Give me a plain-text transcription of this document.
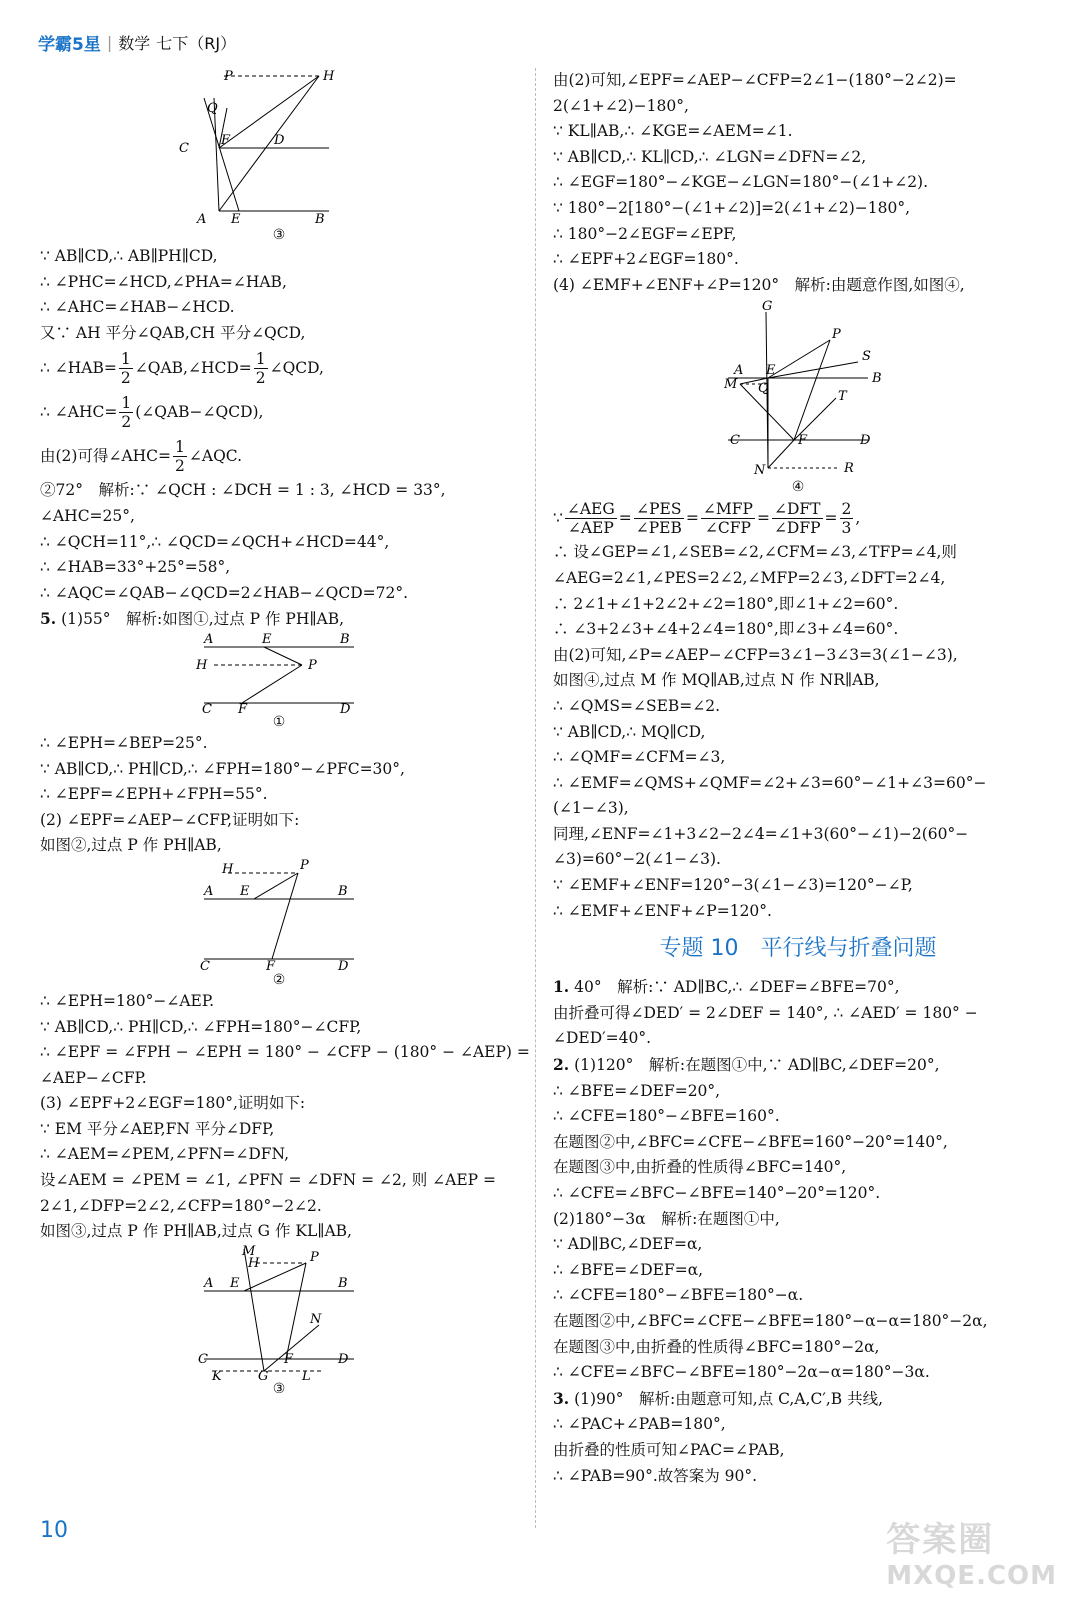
学霸5星 | 数学 七下（RJ）
P	H
Q
C
F	D
A E	B
③
∵ AB∥CD,∴ AB∥PH∥CD,
∴ ∠PHC=∠HCD,∠PHA=∠HAB,
∴ ∠AHC=∠HAB−∠HCD.
又∵ AH 平分∠QAB,CH 平分∠QCD,
∴ ∠HAB= $\frac{1}{2}$ ∠QAB,∠HCD= $\frac{1}{2}$ ∠QCD,
∴ ∠AHC= $\frac{1}{2}$ (∠QAB−∠QCD),
由(2)可得∠AHC= $\frac{1}{2}$ ∠AQC.
②72°　解析:∵ ∠QCH : ∠DCH = 1 : 3, ∠HCD = 33°,
∠AHC=25°,
∴ ∠QCH=11°,∴ ∠QCD=∠QCH+∠HCD=44°,
∴ ∠HAB=33°+25°=58°,
∴ ∠AQC=∠QAB−∠QCD=2∠HAB−∠QCD=72°.
5. (1)55°　解析:如图①,过点 P 作 PH∥AB,
A	E	B
H	P
C F	D
①
∴ ∠EPH=∠BEP=25°.
∵ AB∥CD,∴ PH∥CD,∴ ∠FPH=180°−∠PFC=30°,
∴ ∠EPF=∠EPH+∠FPH=55°.
(2) ∠EPF=∠AEP−∠CFP,证明如下:
如图②,过点 P 作 PH∥AB,
H	P
A E	B
C	F	D
②
∴ ∠EPH=180°−∠AEP.
∵ AB∥CD,∴ PH∥CD,∴ ∠FPH=180°−∠CFP,
∴ ∠EPF = ∠FPH − ∠EPH = 180° − ∠CFP − (180° − ∠AEP) =
∠AEP−∠CFP.
(3) ∠EPF+2∠EGF=180°,证明如下:
∵ EM 平分∠AEP,FN 平分∠DFP,
∴ ∠AEM=∠PEM,∠PFN=∠DFN,
设∠AEM = ∠PEM = ∠1, ∠PFN = ∠DFN = ∠2, 则 ∠AEP =
2∠1,∠DFP=2∠2,∠CFP=180°−2∠2.
如图③,过点 P 作 PH∥AB,过点 G 作 KL∥AB,
M
H	P
A E	B
N
C	F	D
K	G	L
③
由(2)可知,∠EPF=∠AEP−∠CFP=2∠1−(180°−2∠2)=
2(∠1+∠2)−180°,
∵ KL∥AB,∴ ∠KGE=∠AEM=∠1.
∵ AB∥CD,∴ KL∥CD,∴ ∠LGN=∠DFN=∠2,
∴ ∠EGF=180°−∠KGE−∠LGN=180°−(∠1+∠2).
∵ 180°−2[180°−(∠1+∠2)]=2(∠1+∠2)−180°,
∴ 180°−2∠EGF=∠EPF,
∴ ∠EPF+2∠EGF=180°.
(4) ∠EMF+∠ENF+∠P=120°　解析:由题意作图,如图④,
G
P
S
A E
B
M Q
T
C	F	D
N	R
④
∵ $\frac{\text{∠AEG}}{\text{∠AEP}} = \frac{\text{∠PES}}{\text{∠PEB}} = \frac{\text{∠MFP}}{\text{∠CFP}} = \frac{\text{∠DFT}}{\text{∠DFP}} = \frac{2}{3}$ ,
∴ 设∠GEP=∠1,∠SEB=∠2,∠CFM=∠3,∠TFP=∠4,则
∠AEG=2∠1,∠PES=2∠2,∠MFP=2∠3,∠DFT=2∠4,
∴ 2∠1+∠1+2∠2+∠2=180°,即∠1+∠2=60°.
∴ ∠3+2∠3+∠4+2∠4=180°,即∠3+∠4=60°.
由(2)可知,∠P=∠AEP−∠CFP=3∠1−3∠3=3(∠1−∠3),
如图④,过点 M 作 MQ∥AB,过点 N 作 NR∥AB,
∴ ∠QMS=∠SEB=∠2.
∵ AB∥CD,∴ MQ∥CD,
∴ ∠QMF=∠CFM=∠3,
∴ ∠EMF=∠QMS+∠QMF=∠2+∠3=60°−∠1+∠3=60°−
(∠1−∠3),
同理,∠ENF=∠1+3∠2−2∠4=∠1+3(60°−∠1)−2(60°−
∠3)=60°−2(∠1−∠3).
∵ ∠EMF+∠ENF=120°−3(∠1−∠3)=120°−∠P,
∴ ∠EMF+∠ENF+∠P=120°.
专题 10　平行线与折叠问题
1. 40°　解析:∵ AD∥BC,∴ ∠DEF=∠BFE=70°,
由折叠可得∠DED′ = 2∠DEF = 140°, ∴ ∠AED′ = 180° −
∠DED′=40°.
2. (1)120°　解析:在题图①中,∵ AD∥BC,∠DEF=20°,
∴ ∠BFE=∠DEF=20°,
∴ ∠CFE=180°−∠BFE=160°.
在题图②中,∠BFC=∠CFE−∠BFE=160°−20°=140°,
在题图③中,由折叠的性质得∠BFC=140°,
∴ ∠CFE=∠BFC−∠BFE=140°−20°=120°.
(2)180°−3α　解析:在题图①中,
∵ AD∥BC,∠DEF=α,
∴ ∠BFE=∠DEF=α,
∴ ∠CFE=180°−∠BFE=180°−α.
在题图②中,∠BFC=∠CFE−∠BFE=180°−α−α=180°−2α,
在题图③中,由折叠的性质得∠BFC=180°−2α,
∴ ∠CFE=∠BFC−∠BFE=180°−2α−α=180°−3α.
3. (1)90°　解析:由题意可知,点 C,A,C′,B 共线,
∴ ∠PAC+∠PAB=180°,
由折叠的性质可知∠PAC=∠PAB,
∴ ∠PAB=90°.故答案为 90°.
10	答案圈
MXQE.COM
